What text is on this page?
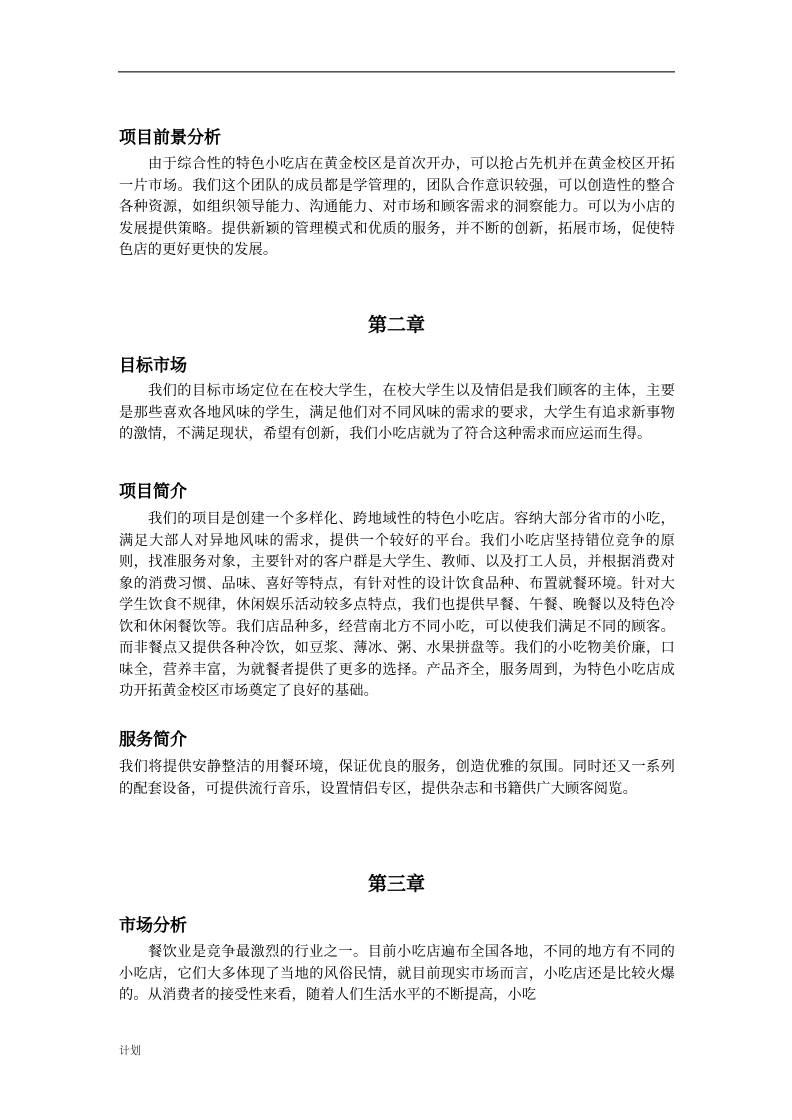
项目前景分析

由于综合性的特色小吃店在黄金校区是首次开办，可以抢占先机并在黄金校区开拓一片市场。我们这个团队的成员都是学管理的，团队合作意识较强，可以创造性的整合各种资源，如组织领导能力、沟通能力、对市场和顾客需求的洞察能力。可以为小店的发展提供策略。提供新颖的管理模式和优质的服务，并不断的创新，拓展市场，促使特色店的更好更快的发展。

第二章
目标市场

我们的目标市场定位在在校大学生，在校大学生以及情侣是我们顾客的主体，主要是那些喜欢各地风味的学生，满足他们对不同风味的需求的要求，大学生有追求新事物的激情，不满足现状，希望有创新，我们小吃店就为了符合这种需求而应运而生得。

项目简介

我们的项目是创建一个多样化、跨地域性的特色小吃店。容纳大部分省市的小吃，满足大部人对异地风味的需求，提供一个较好的平台。我们小吃店坚持错位竞争的原则，找准服务对象，主要针对的客户群是大学生、教师、以及打工人员，并根据消费对象的消费习惯、品味、喜好等特点，有针对性的设计饮食品种、布置就餐环境。针对大学生饮食不规律，休闲娱乐活动较多点特点，我们也提供早餐、午餐、晚餐以及特色冷饮和休闲餐饮等。我们店品种多，经营南北方不同小吃，可以使我们满足不同的顾客。而非餐点又提供各种冷饮，如豆浆、薄冰、粥、水果拼盘等。我们的小吃物美价廉，口味全，营养丰富，为就餐者提供了更多的选择。产品齐全，服务周到，为特色小吃店成功开拓黄金校区市场奠定了良好的基础。

服务简介

我们将提供安静整洁的用餐环境，保证优良的服务，创造优雅的氛围。同时还又一系列的配套设备，可提供流行音乐，设置情侣专区，提供杂志和书籍供广大顾客阅览。

第三章
市场分析

餐饮业是竞争最激烈的行业之一。目前小吃店遍布全国各地，不同的地方有不同的小吃店，它们大多体现了当地的风俗民情，就目前现实市场而言，小吃店还是比较火爆的。从消费者的接受性来看，随着人们生活水平的不断提高，小吃

计划
